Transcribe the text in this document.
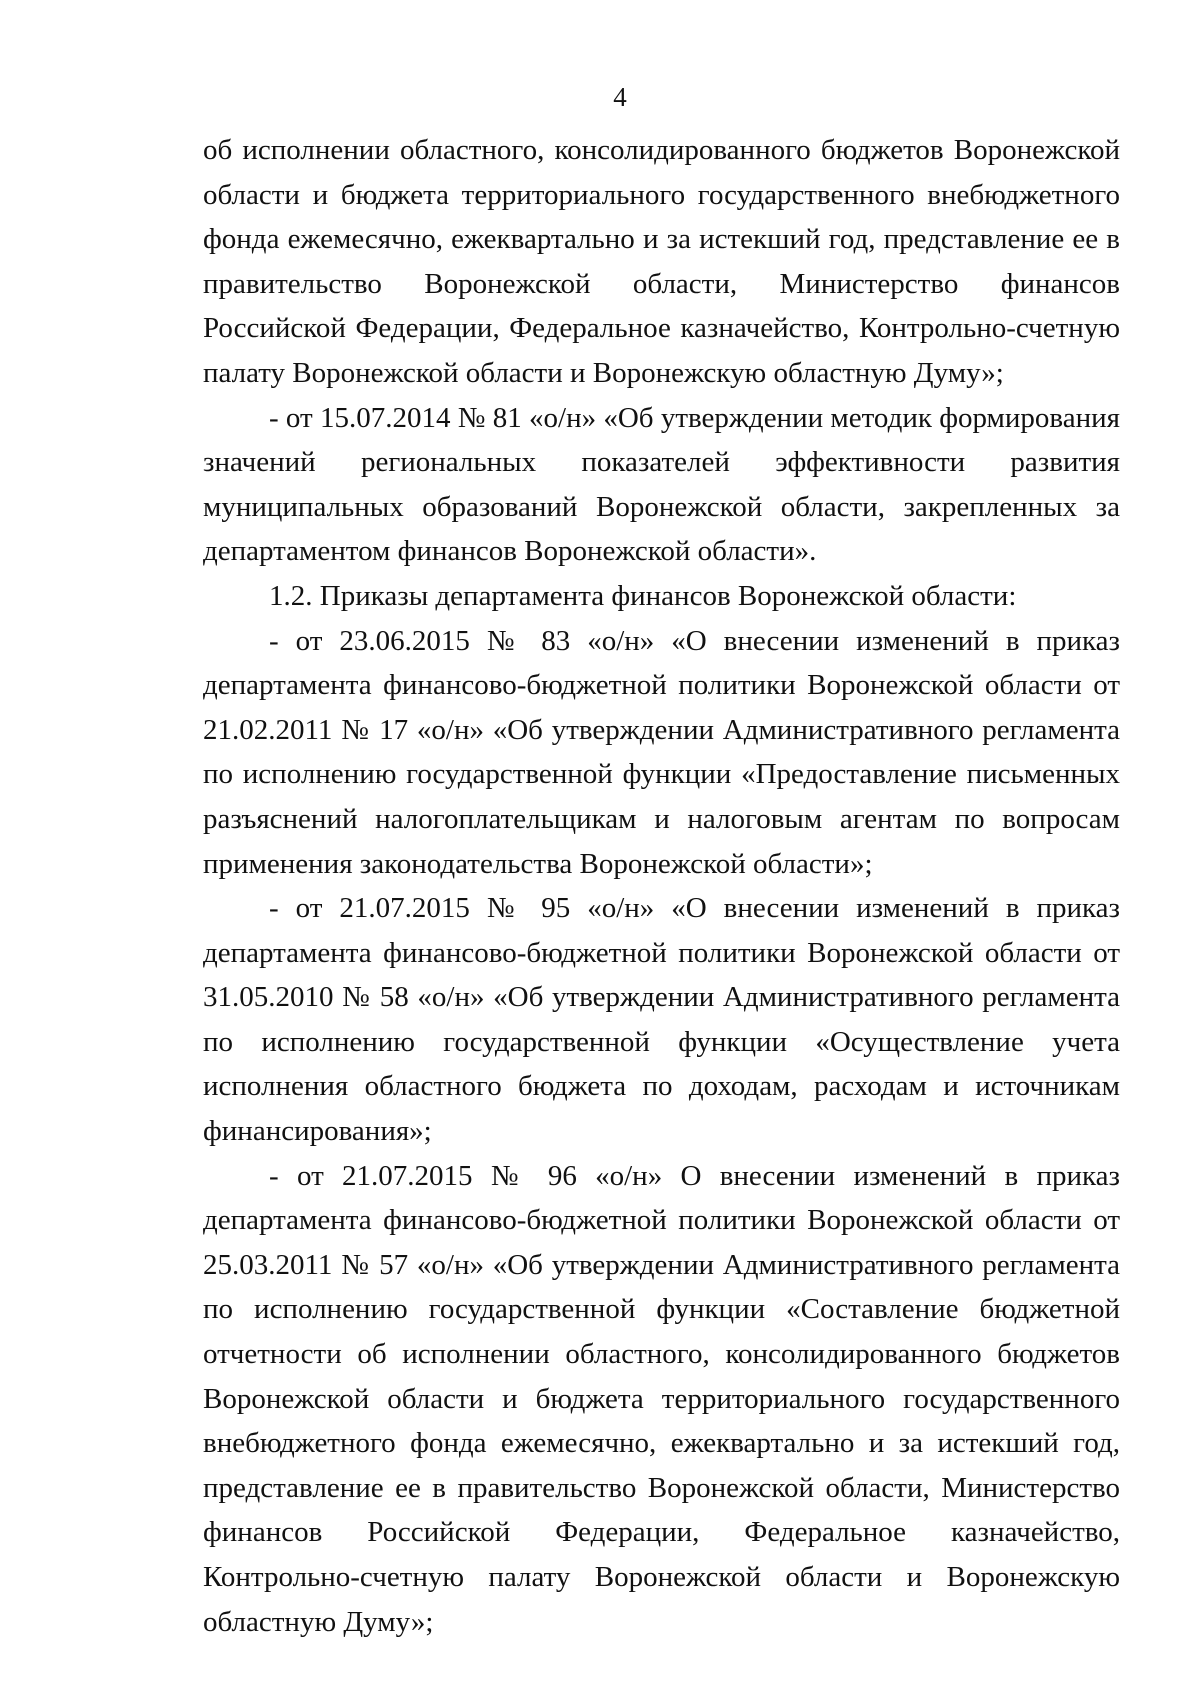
4

об исполнении областного, консолидированного бюджетов Воронежской области и бюджета территориального государственного внебюджетного фонда ежемесячно, ежеквартально и за истекший год, представление ее в правительство Воронежской области, Министерство финансов Российской Федерации, Федеральное казначейство, Контрольно-счетную палату Воронежской области и Воронежскую областную Думу»;

- от 15.07.2014 № 81 «о/н» «Об утверждении методик формирования значений региональных показателей эффективности развития муниципальных образований Воронежской области, закрепленных за департаментом финансов Воронежской области».

1.2. Приказы департамента финансов Воронежской области:

- от 23.06.2015 № 83 «о/н» «О внесении изменений в приказ департамента финансово-бюджетной политики Воронежской области от 21.02.2011 № 17 «о/н» «Об утверждении Административного регламента по исполнению государственной функции «Предоставление письменных разъяснений налогоплательщикам и налоговым агентам по вопросам применения законодательства Воронежской области»;

- от 21.07.2015 № 95 «о/н» «О внесении изменений в приказ департамента финансово-бюджетной политики Воронежской области от 31.05.2010 № 58 «о/н» «Об утверждении Административного регламента по исполнению государственной функции «Осуществление учета исполнения областного бюджета по доходам, расходам и источникам финансирования»;

- от 21.07.2015 № 96 «о/н» О внесении изменений в приказ департамента финансово-бюджетной политики Воронежской области от 25.03.2011 № 57 «о/н» «Об утверждении Административного регламента по исполнению государственной функции «Составление бюджетной отчетности об исполнении областного, консолидированного бюджетов Воронежской области и бюджета территориального государственного внебюджетного фонда ежемесячно, ежеквартально и за истекший год, представление ее в правительство Воронежской области, Министерство финансов Российской Федерации, Федеральное казначейство, Контрольно-счетную палату Воронежской области и Воронежскую областную Думу»;
